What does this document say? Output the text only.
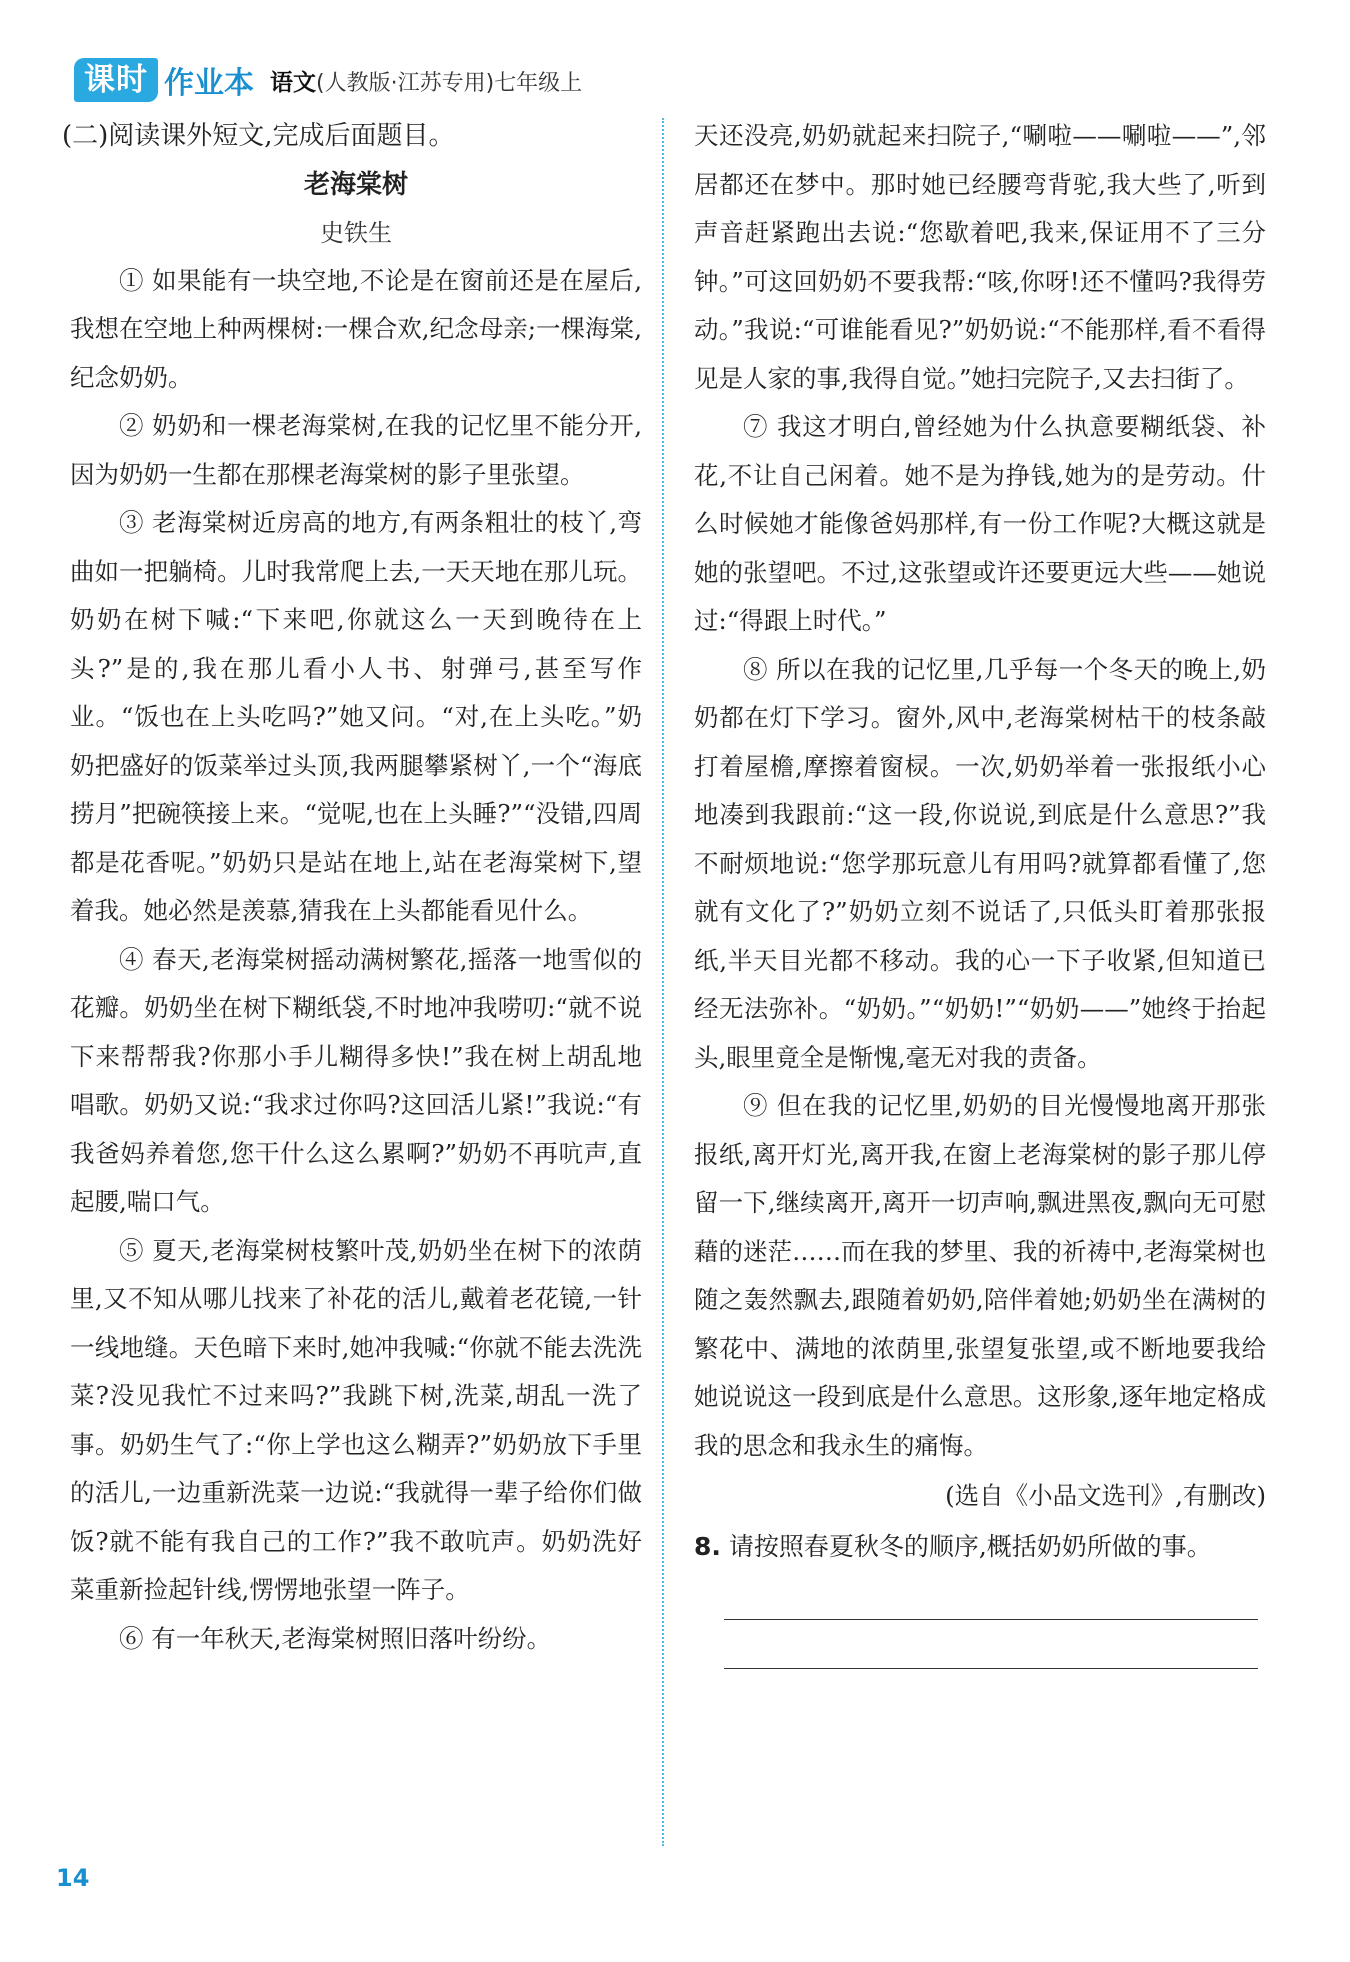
课时 作业本 语文(人教版·江苏专用)七年级上

(二)阅读课外短文,完成后面题目。

老海棠树
史铁生

① 如果能有一块空地,不论是在窗前还是在屋后,我想在空地上种两棵树:一棵合欢,纪念母亲;一棵海棠,纪念奶奶。

② 奶奶和一棵老海棠树,在我的记忆里不能分开,因为奶奶一生都在那棵老海棠树的影子里张望。

③ 老海棠树近房高的地方,有两条粗壮的枝丫,弯曲如一把躺椅。儿时我常爬上去,一天天地在那儿玩。奶奶在树下喊:“下来吧,你就这么一天到晚待在上头?”是的,我在那儿看小人书、射弹弓,甚至写作业。“饭也在上头吃吗?”她又问。“对,在上头吃。”奶奶把盛好的饭菜举过头顶,我两腿攀紧树丫,一个“海底捞月”把碗筷接上来。“觉呢,也在上头睡?”“没错,四周都是花香呢。”奶奶只是站在地上,站在老海棠树下,望着我。她必然是羡慕,猜我在上头都能看见什么。

④ 春天,老海棠树摇动满树繁花,摇落一地雪似的花瓣。奶奶坐在树下糊纸袋,不时地冲我唠叨:“就不说下来帮帮我?你那小手儿糊得多快!”我在树上胡乱地唱歌。奶奶又说:“我求过你吗?这回活儿紧!”我说:“有我爸妈养着您,您干什么这么累啊?”奶奶不再吭声,直起腰,喘口气。

⑤ 夏天,老海棠树枝繁叶茂,奶奶坐在树下的浓荫里,又不知从哪儿找来了补花的活儿,戴着老花镜,一针一线地缝。天色暗下来时,她冲我喊:“你就不能去洗洗菜?没见我忙不过来吗?”我跳下树,洗菜,胡乱一洗了事。奶奶生气了:“你上学也这么糊弄?”奶奶放下手里的活儿,一边重新洗菜一边说:“我就得一辈子给你们做饭?就不能有我自己的工作?”我不敢吭声。奶奶洗好菜重新捡起针线,愣愣地张望一阵子。

⑥ 有一年秋天,老海棠树照旧落叶纷纷。

天还没亮,奶奶就起来扫院子,“唰啦——唰啦——”,邻居都还在梦中。那时她已经腰弯背驼,我大些了,听到声音赶紧跑出去说:“您歇着吧,我来,保证用不了三分钟。”可这回奶奶不要我帮:“咳,你呀!还不懂吗?我得劳动。”我说:“可谁能看见?”奶奶说:“不能那样,看不看得见是人家的事,我得自觉。”她扫完院子,又去扫街了。

⑦ 我这才明白,曾经她为什么执意要糊纸袋、补花,不让自己闲着。她不是为挣钱,她为的是劳动。什么时候她才能像爸妈那样,有一份工作呢?大概这就是她的张望吧。不过,这张望或许还要更远大些——她说过:“得跟上时代。”

⑧ 所以在我的记忆里,几乎每一个冬天的晚上,奶奶都在灯下学习。窗外,风中,老海棠树枯干的枝条敲打着屋檐,摩擦着窗棂。一次,奶奶举着一张报纸小心地凑到我跟前:“这一段,你说说,到底是什么意思?”我不耐烦地说:“您学那玩意儿有用吗?就算都看懂了,您就有文化了?”奶奶立刻不说话了,只低头盯着那张报纸,半天目光都不移动。我的心一下子收紧,但知道已经无法弥补。“奶奶。”“奶奶!”“奶奶——”她终于抬起头,眼里竟全是惭愧,毫无对我的责备。

⑨ 但在我的记忆里,奶奶的目光慢慢地离开那张报纸,离开灯光,离开我,在窗上老海棠树的影子那儿停留一下,继续离开,离开一切声响,飘进黑夜,飘向无可慰藉的迷茫……而在我的梦里、我的祈祷中,老海棠树也随之轰然飘去,跟随着奶奶,陪伴着她;奶奶坐在满树的繁花中、满地的浓荫里,张望复张望,或不断地要我给她说说这一段到底是什么意思。这形象,逐年地定格成我的思念和我永生的痛悔。

(选自《小品文选刊》,有删改)

8. 请按照春夏秋冬的顺序,概括奶奶所做的事。

14
